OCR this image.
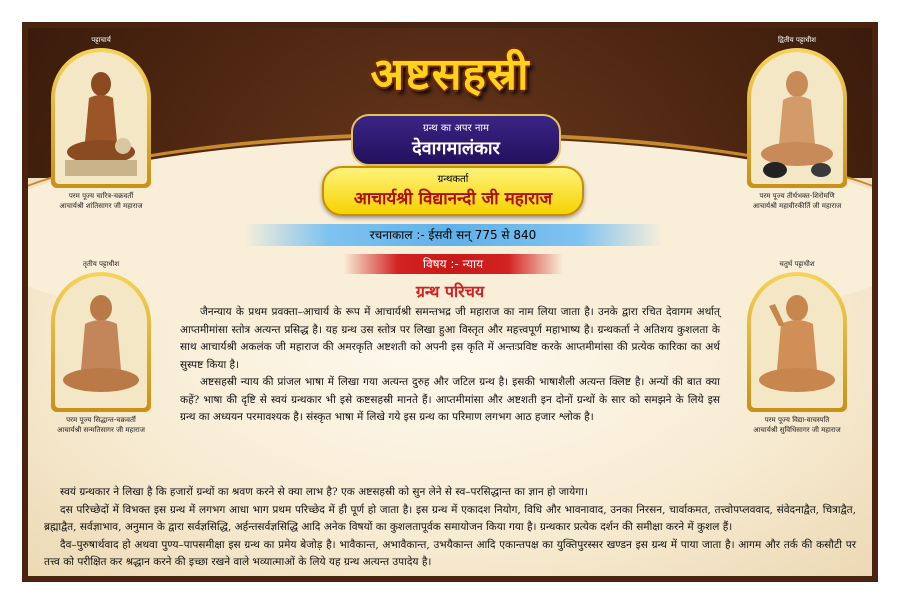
अष्टसहस्री
ग्रन्थ का अपर नाम
देवागमालंकार
ग्रन्थकर्ता
आचार्यश्री विद्यानन्दी जी महाराज
रचनाकाल :- ईसवी सन् 775 से 840
विषय :- न्याय
ग्रन्थ परिचय
पट्टाचार्य
परम पूज्य चारित्र-चक्रवर्ती
आचार्यश्री शांतिसागर जी महाराज
द्वितीय पट्टाधीश
परम पूज्य तीर्थभक्त-शिरोमणि
आचार्यश्री महावीरकीर्ति जी महाराज
तृतीय पट्टाधीश
परम पूज्य सिद्धान्त-चक्रवर्ती
आचार्यश्री सन्मतिसागर जी महाराज
चतुर्थ पट्टाधीश
परम पूज्य विद्या-वाचस्पति
आचार्यश्री सुविधिसागर जी महाराज

जैनन्याय के प्रथम प्रवक्ता–आचार्य के रूप में आचार्यश्री समन्तभद्र जी महाराज का नाम लिया जाता है। उनके द्वारा रचित देवागम अर्थात् आप्तमीमांसा स्तोत्र अत्यन्त प्रसिद्ध है। यह ग्रन्थ उस स्तोत्र पर लिखा हुआ विस्तृत और महत्त्वपूर्ण महाभाष्य है। ग्रन्थकर्ता ने अतिशय कुशलता के साथ आचार्यश्री अकलंक जी महाराज की अमरकृति अष्टशती को अपनी इस कृति में अन्तःप्रविष्ट करके आप्तमीमांसा की प्रत्येक कारिका का अर्थ सुस्पष्ट किया है।

अष्टसहस्री न्याय की प्रांजल भाषा में लिखा गया अत्यन्त दुरुह और जटिल ग्रन्थ है। इसकी भाषाशैली अत्यन्त क्लिष्ट है। अन्यों की बात क्या कहें? भाषा की दृष्टि से स्वयं ग्रन्थकार भी इसे कष्टसहस्री मानते हैं। आप्तमीमांसा और अष्टशती इन दोनों ग्रन्थों के सार को समझने के लिये इस ग्रन्थ का अध्ययन परमावश्यक है। संस्कृत भाषा में लिखे गये इस ग्रन्थ का परिमाण लगभग आठ हजार श्लोक है।

स्वयं ग्रन्थकार ने लिखा है कि हजारों ग्रन्थों का श्रवण करने से क्या लाभ है? एक अष्टसहस्री को सुन लेने से स्व–परसिद्धान्त का ज्ञान हो जायेगा।

दस परिच्छेदों में विभक्त इस ग्रन्थ में लगभग आधा भाग प्रथम परिच्छेद में ही पूर्ण हो जाता है। इस ग्रन्थ में एकादश नियोग, विधि और भावनावाद, उनका निरसन, चार्वाकमत, तत्त्वोपप्लववाद, संवेदनाद्वैत, चित्राद्वैत, ब्रह्माद्वैत, सर्वज्ञाभाव, अनुमान के द्वारा सर्वज्ञसिद्धि, अर्हन्तसर्वज्ञसिद्धि आदि अनेक विषयों का कुशलतापूर्वक समायोजन किया गया है। ग्रन्थकार प्रत्येक दर्शन की समीक्षा करने में कुशल हैं।

दैव–पुरुषार्थवाद हो अथवा पुण्य–पापसमीक्षा इस ग्रन्थ का प्रमेय बेजोड़ है। भावैकान्त, अभावैकान्त, उभयैकान्त आदि एकान्तपक्ष का युक्तिपुरस्सर खण्डन इस ग्रन्थ में पाया जाता है। आगम और तर्क की कसौटी पर तत्त्व को परीक्षित कर श्रद्धान करने की इच्छा रखने वाले भव्यात्माओं के लिये यह ग्रन्थ अत्यन्त उपादेय है।
